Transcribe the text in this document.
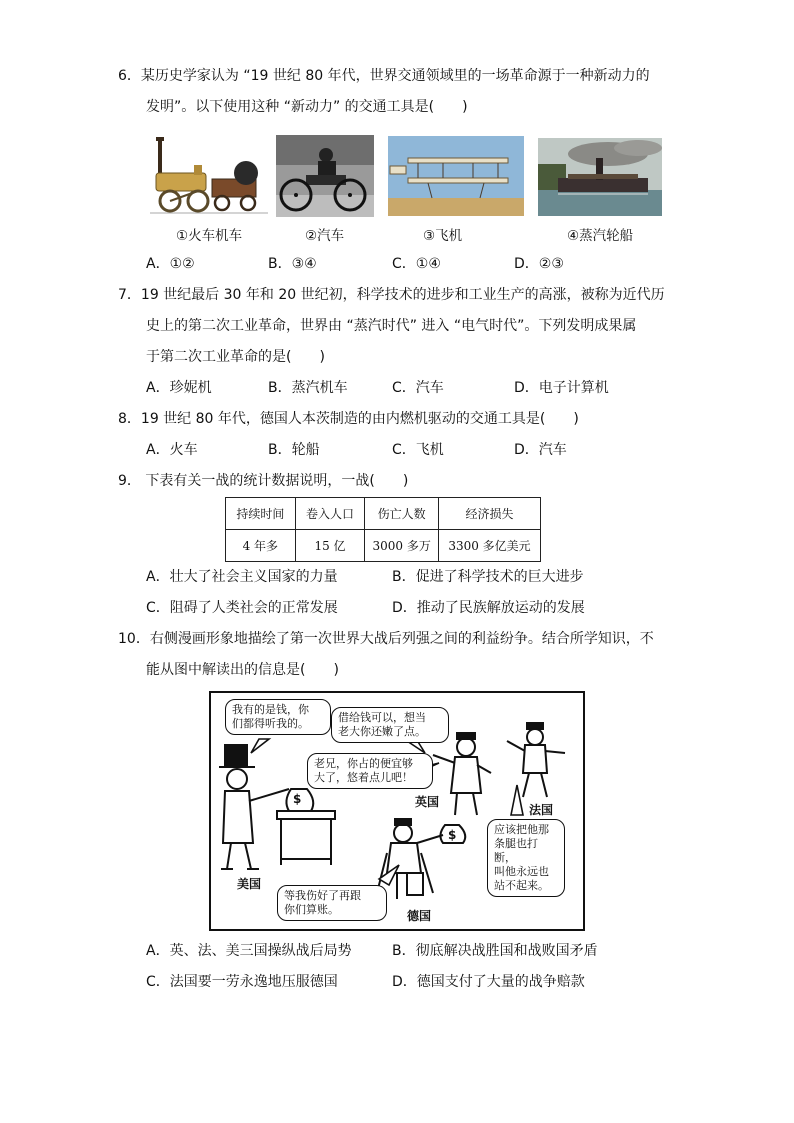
6．某历史学家认为 “19 世纪 80 年代，世界交通领域里的一场革命源于一种新动力的
发明”。以下使用这种 “新动力” 的交通工具是(　　)
①火车机车	②汽车	③飞机	④蒸汽轮船
A．①②	B．③④	C．①④	D．②③
7．19 世纪最后 30 年和 20 世纪初，科学技术的进步和工业生产的高涨，被称为近代历
史上的第二次工业革命，世界由 “蒸汽时代” 进入 “电气时代”。下列发明成果属
于第二次工业革命的是(　　)
A．珍妮机	B．蒸汽机车	C．汽车	D．电子计算机
8．19 世纪 80 年代，德国人本茨制造的由内燃机驱动的交通工具是(　　)
A．火车	B．轮船	C．飞机	D．汽车
9． 下表有关一战的统计数据说明，一战(　　)
持续时间	卷入人口	伤亡人数	经济损失
4 年多	15 亿	3000 多万	3300 多亿美元
A．壮大了社会主义国家的力量	B．促进了科学技术的巨大进步
C．阻碍了人类社会的正常发展	D．推动了民族解放运动的发展
10．右侧漫画形象地描绘了第一次世界大战后列强之间的利益纷争。结合所学知识，不
能从图中解读出的信息是(　　)
我有的是钱，你
们都得听我的。	借给钱可以，想当
老大你还嫩了点。
老兄，你占的便宜够
大了，悠着点儿吧！
应该把他那
条腿也打断，
叫他永远也
站不起来。
等我伤好了再跟
你们算账。
$
$
美国
英国
法国
德国
A．英、法、美三国操纵战后局势	B．彻底解决战胜国和战败国矛盾
C．法国要一劳永逸地压服德国	D．德国支付了大量的战争赔款
